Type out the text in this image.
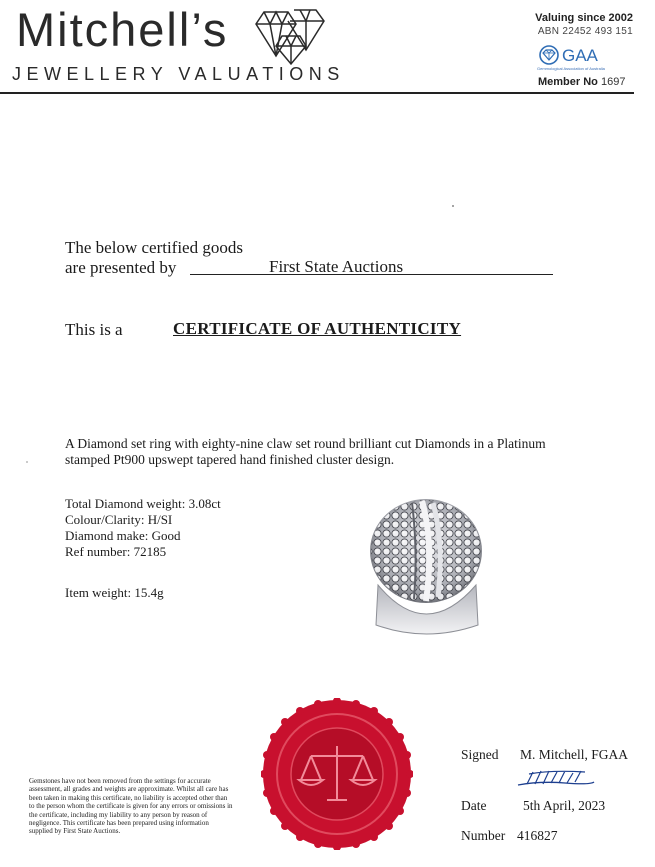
Mitchell’s
JEWELLERY VALUATIONS
Valuing since 2002
ABN 22452 493 151
GAA
Gemmological Association of Australia
Member No 1697
The below certified goods
are presented by	First State Auctions
This is a	CERTIFICATE OF AUTHENTICITY
A Diamond set ring with eighty-nine claw set round brilliant cut Diamonds in a Platinum stamped Pt900 upswept tapered hand finished cluster design.
Total Diamond weight: 3.08ct
Colour/Clarity: H/SI
Diamond make: Good
Ref number: 72185
Item weight: 15.4g
Gemstones have not been removed from the settings for accurate assessment, all grades and weights are approximate. Whilst all care has been taken in making this certificate, no liability is accepted other than to the person whom the certificate is given for any errors or omissions in the certificate, including my liability to any person by reason of negligence. This certificate has been prepared using information supplied by First State Auctions.
Signed M. Mitchell, FGAA
Date	5th April, 2023
Number 416827
